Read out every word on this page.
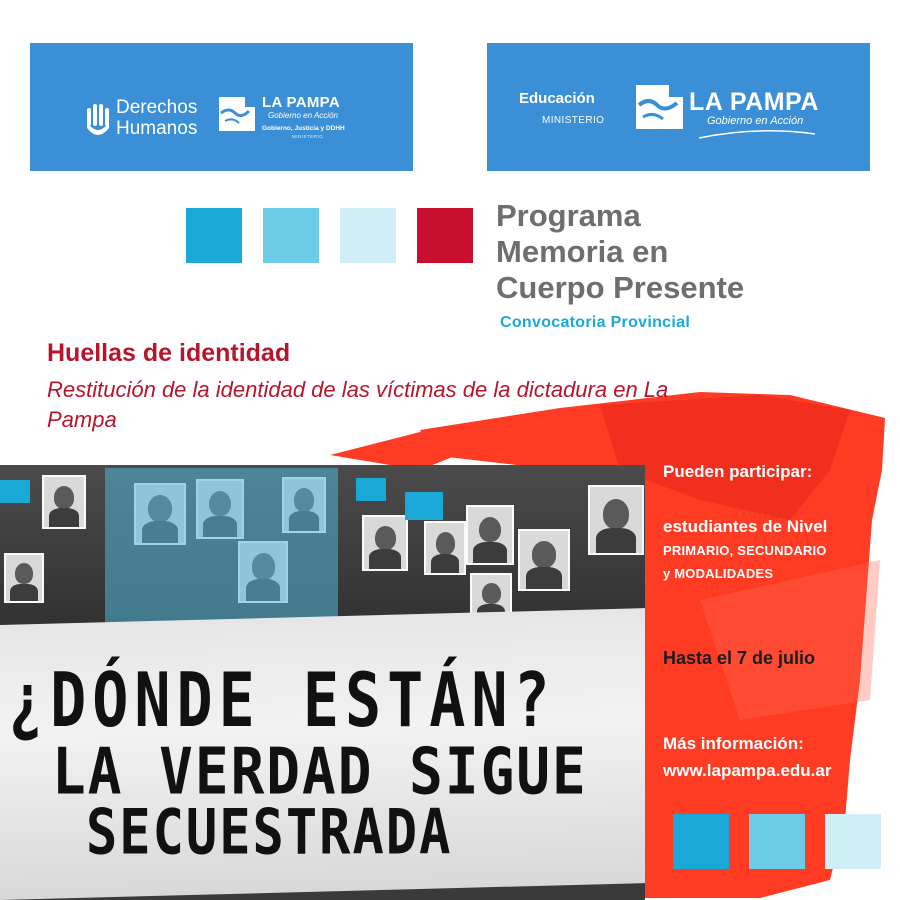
Derechos
Humanos
LA PAMPA
Gobierno en Acción
Gobierno, Justicia y DDHH
MINISTERIO
Educación
MINISTERIO
LA PAMPA
Gobierno en Acción
Programa
Memoria en
Cuerpo Presente
Convocatoria Provincial
Huellas de identidad
Restitución de la identidad de las víctimas de la dictadura en La Pampa
¿DÓNDE ESTÁN?
LA VERDAD SIGUE
SECUESTRADA
Pueden participar:
estudiantes de Nivel
PRIMARIO, SECUNDARIO
y MODALIDADES
Hasta el 7 de julio
Más información:
www.lapampa.edu.ar
